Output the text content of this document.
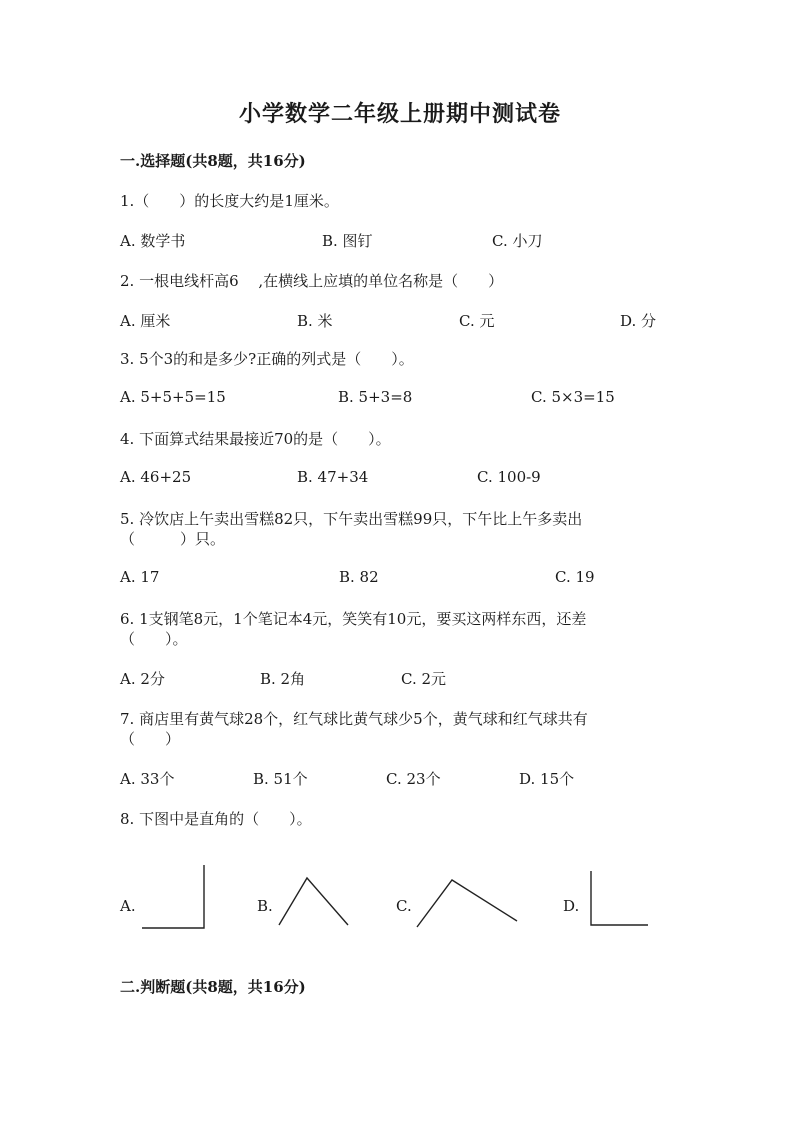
小学数学二年级上册期中测试卷
一.选择题(共8题，共16分)
1.（　　）的长度大约是1厘米。
A. 数学书	B. 图钉	C. 小刀
2. 一根电线杆高6　 ,在横线上应填的单位名称是（　　）
A. 厘米	B. 米	C. 元	D. 分
3. 5个3的和是多少?正确的列式是（　　）。
A. 5+5+5=15	B. 5+3=8	C. 5×3=15
4. 下面算式结果最接近70的是（　　）。
A. 46+25	B. 47+34	C. 100-9
5. 冷饮店上午卖出雪糕82只，下午卖出雪糕99只，下午比上午多卖出
（　　　）只。
A. 17	B. 82	C. 19
6. 1支钢笔8元，1个笔记本4元，笑笑有10元，要买这两样东西，还差
（　　）。
A. 2分	B. 2角	C. 2元
7. 商店里有黄气球28个，红气球比黄气球少5个，黄气球和红气球共有
（　　）
A. 33个	B. 51个	C. 23个	D. 15个
8. 下图中是直角的（　　）。
A.	B.	C.	D.
二.判断题(共8题，共16分)
